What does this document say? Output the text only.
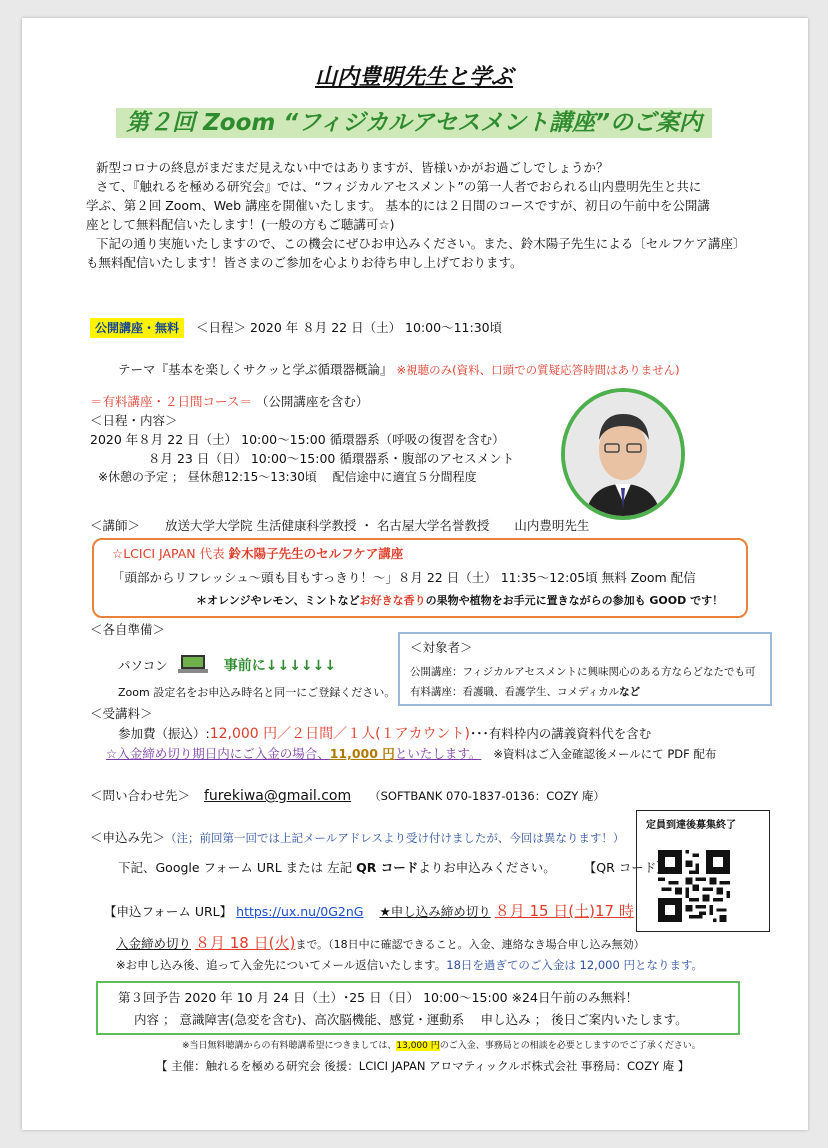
山内豊明先生と学ぶ
第２回 Zoom “フィジカルアセスメント講座”のご案内
新型コロナの終息がまだまだ見えない中ではありますが、皆様いかがお過ごしでしょうか？
さて、『触れるを極める研究会』では、“フィジカルアセスメント”の第一人者でおられる山内豊明先生と共に
学ぶ、第２回 Zoom、Web 講座を開催いたします。 基本的には２日間のコースですが、初日の午前中を公開講
座として無料配信いたします！(一般の方もご聴講可☆)
下記の通り実施いたしますので、この機会にぜひお申込みください。また、鈴木陽子先生による〔セルフケア講座〕
も無料配信いたします！皆さまのご参加を心よりお待ち申し上げております。
公開講座・無料 ＜日程＞ 2020 年 ８月 22 日（土） 10:00～11:30頃
テーマ『基本を楽しくサクッと学ぶ循環器概論』 ※視聴のみ(資料、口頭での質疑応答時間はありません)
＝有料講座・２日間コース＝ （公開講座を含む）
＜日程・内容＞
2020 年８月 22 日（土） 10:00～15:00 循環器系（呼吸の復習を含む）
８月 23 日（日） 10:00～15:00 循環器系・腹部のアセスメント
※休憩の予定 ； 昼休憩12:15～13:30頃　 配信途中に適宜５分間程度
＜講師＞　　放送大学大学院 生活健康科学教授 ・ 名古屋大学名誉教授　　山内豊明先生
☆LCICI JAPAN 代表 鈴木陽子先生のセルフケア講座
「頭部からリフレッシュ～頭も目もすっきり！～」８月 22 日（土） 11:35～12:05頃 無料 Zoom 配信
＊オレンジやレモン、ミントなどお好きな香りの果物や植物をお手元に置きながらの参加も GOOD です！
＜各自準備＞
パソコン	事前に↓↓↓↓↓↓
Zoom 設定名をお申込み時名と同一にご登録ください。
＜対象者＞
公開講座：フィジカルアセスメントに興味関心のある方ならどなたでも可
有料講座：看護職、看護学生、コメディカルなど
＜受講料＞
参加費（振込）:12,000 円／２日間／１人(１アカウント)･･･有料枠内の講義資料代を含む
☆入金締め切り期日内にご入金の場合、11,000 円といたします。 ※資料はご入金確認後メールにて PDF 配布
＜問い合わせ先＞ furekiwa@gmail.com （SOFTBANK 070-1837-0136：COZY 庵）
＜申込み先＞（注；前回第一回では上記メールアドレスより受け付けましたが、今回は異なります！）
定員到達後募集終了
下記、Google フォーム URL または 左記 QR コードよりお申込みください。 【QR コード】
【申込フォーム URL】 https://ux.nu/0G2nG ★申し込み締め切り ８月 15 日(土)17 時
入金締め切り ８月 18 日(火)まで。（18日中に確認できること。入金、連絡なき場合申し込み無効）
※お申し込み後、追って入金先についてメール返信いたします。18日を過ぎてのご入金は 12,000 円となります。
第３回予告 2020 年 10 月 24 日（土）･25 日（日） 10:00～15:00 ※24日午前のみ無料！
内容 ； 意識障害(急変を含む)、高次脳機能、感覚・運動系　 申し込み ； 後日ご案内いたします。
※当日無料聴講からの有料聴講希望につきましては、13,000 円のご入金、事務局との相談を必要としますのでご了承ください。
【 主催：触れるを極める研究会 後援：LCICI JAPAN アロマティックルボ株式会社 事務局：COZY 庵 】
